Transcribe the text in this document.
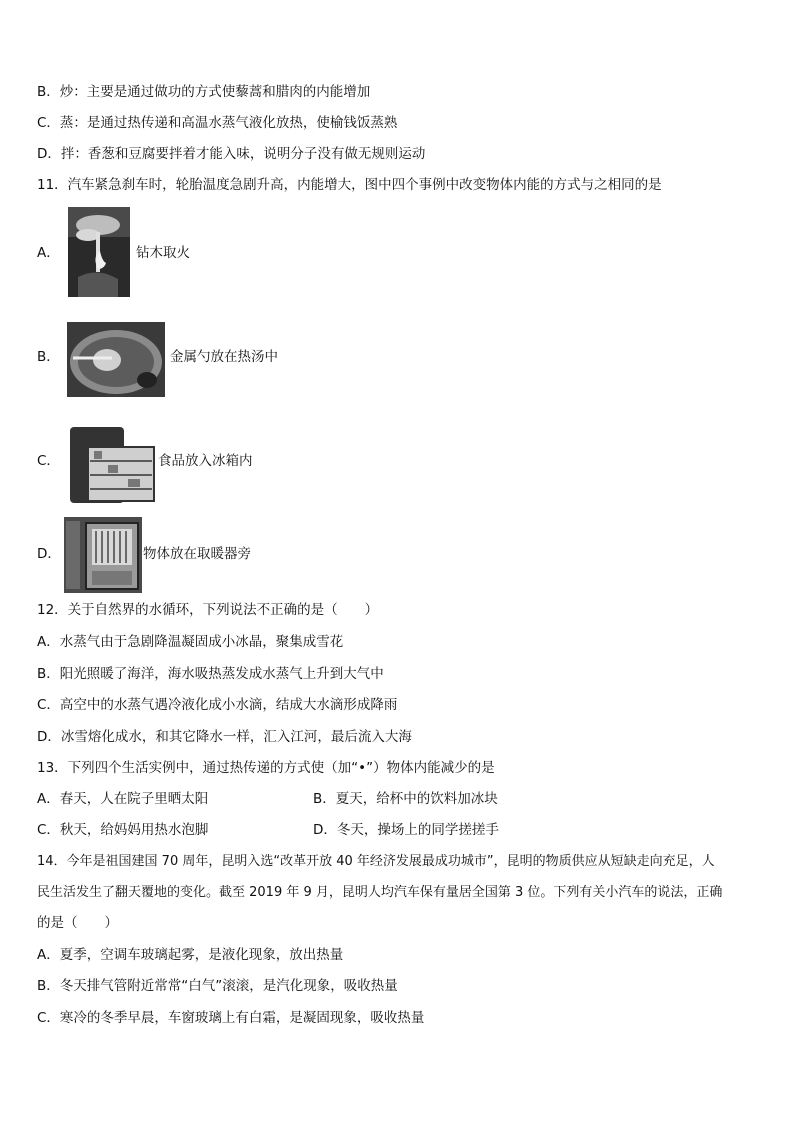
B．炒：主要是通过做功的方式使藜蒿和腊肉的内能增加
C．蒸：是通过热传递和高温水蒸气液化放热，使榆钱饭蒸熟
D．拌：香葱和豆腐要拌着才能入味，说明分子没有做无规则运动
11．汽车紧急刹车时，轮胎温度急剧升高，内能增大，图中四个事例中改变物体内能的方式与之相同的是
A．	钻木取火
B．	金属勺放在热汤中
C．	食品放入冰箱内
D．	物体放在取暖器旁
12．关于自然界的水循环，下列说法不正确的是（　　）
A．水蒸气由于急剧降温凝固成小冰晶，聚集成雪花
B．阳光照暖了海洋，海水吸热蒸发成水蒸气上升到大气中
C．高空中的水蒸气遇冷液化成小水滴，结成大水滴形成降雨
D．冰雪熔化成水，和其它降水一样，汇入江河，最后流入大海
13．下列四个生活实例中，通过热传递的方式使（加“•”）物体内能减少的是
A．春天，人在院子里晒太阳	B．夏天，给杯中的饮料加冰块
C．秋天，给妈妈用热水泡脚	D．冬天，操场上的同学搓搓手
14．今年是祖国建国 70 周年，昆明入选“改革开放 40 年经济发展最成功城市”，昆明的物质供应从短缺走向充足，人
民生活发生了翻天覆地的变化。截至 2019 年 9 月，昆明人均汽车保有量居全国第 3 位。下列有关小汽车的说法，正确
的是（　　）
A．夏季，空调车玻璃起雾，是液化现象，放出热量
B．冬天排气管附近常常“白气”滚滚，是汽化现象，吸收热量
C．寒冷的冬季早晨，车窗玻璃上有白霜，是凝固现象，吸收热量
